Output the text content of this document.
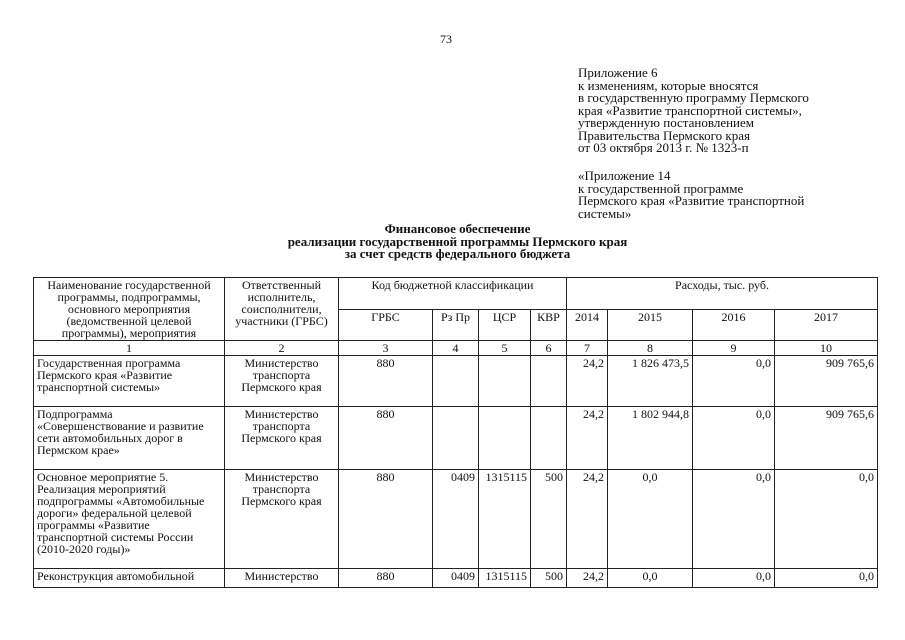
73
Приложение 6
к изменениям, которые вносятся
в государственную программу Пермского
края «Развитие транспортной системы»,
утвержденную постановлением
Правительства Пермского края
от 03 октября 2013 г. № 1323-п
«Приложение 14
к государственной программе
Пермского края «Развитие транспортной
системы»
Финансовое обеспечение
реализации государственной программы Пермского края
за счет средств федерального бюджета
Наименование государственной программы, подпрограммы, основного мероприятия (ведомственной целевой программы), мероприятия	Ответственный исполнитель, соисполнители, участники (ГРБС)	Код бюджетной классификации				Расходы, тыс. руб.			
		ГРБС	Рз Пр	ЦСР	КВР	2014	2015	2016	2017
1	2	3	4	5	6	7	8	9	10
Государственная программа Пермского края «Развитие транспортной системы»	Министерство транспорта Пермского края	880				24,2	1 826 473,5	0,0	909 765,6
Подпрограмма «Совершенствование и развитие сети автомобильных дорог в Пермском крае»	Министерство транспорта Пермского края	880				24,2	1 802 944,8	0,0	909 765,6
Основное мероприятие 5. Реализация мероприятий подпрограммы «Автомобильные дороги» федеральной целевой программы «Развитие транспортной системы России (2010-2020 годы)»	Министерство транспорта Пермского края	880	0409	1315115	500	24,2	0,0	0,0	0,0
Реконструкция автомобильной	Министерство	880	0409	1315115	500	24,2	0,0	0,0	0,0
